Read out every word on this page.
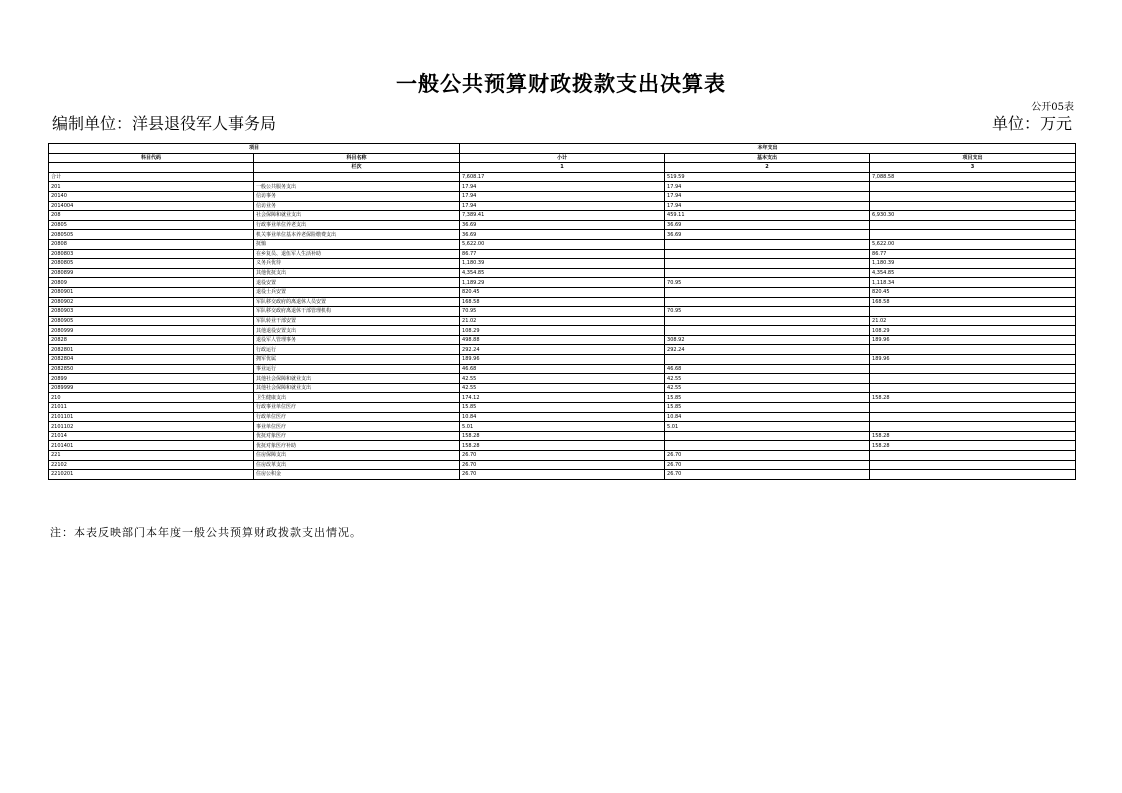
一般公共预算财政拨款支出决算表
公开05表
编制单位：洋县退役军人事务局	单位：万元
项目		本年支出		
科目代码	科目名称	小计	基本支出	项目支出
	栏次	1	2	3
合计		7,608.17	519.59	7,088.58
201	一般公共服务支出	17.94	17.94	
20140	信访事务	17.94	17.94	
2014004	信访业务	17.94	17.94	
208	社会保障和就业支出	7,389.41	459.11	6,930.30
20805	行政事业单位养老支出	36.69	36.69	
2080505	机关事业单位基本养老保险缴费支出	36.69	36.69	
20808	抚恤	5,622.00		5,622.00
2080803	在乡复员、退伍军人生活补助	86.77		86.77
2080805	义务兵优待	1,180.39		1,180.39
2080899	其他优抚支出	4,354.85		4,354.85
20809	退役安置	1,189.29	70.95	1,118.34
2080901	退役士兵安置	820.45		820.45
2080902	军队移交政府的离退休人员安置	168.58		168.58
2080903	军队移交政府离退休干部管理机构	70.95	70.95	
2080905	军队转业干部安置	21.02		21.02
2080999	其他退役安置支出	108.29		108.29
20828	退役军人管理事务	498.88	308.92	189.96
2082801	行政运行	292.24	292.24	
2082804	拥军优属	189.96		189.96
2082850	事业运行	46.68	46.68	
20899	其他社会保障和就业支出	42.55	42.55	
2089999	其他社会保障和就业支出	42.55	42.55	
210	卫生健康支出	174.12	15.85	158.28
21011	行政事业单位医疗	15.85	15.85	
2101101	行政单位医疗	10.84	10.84	
2101102	事业单位医疗	5.01	5.01	
21014	优抚对象医疗	158.28		158.28
2101401	优抚对象医疗补助	158.28		158.28
221	住房保障支出	26.70	26.70	
22102	住房改革支出	26.70	26.70	
2210201	住房公积金	26.70	26.70	
注：本表反映部门本年度一般公共预算财政拨款支出情况。
